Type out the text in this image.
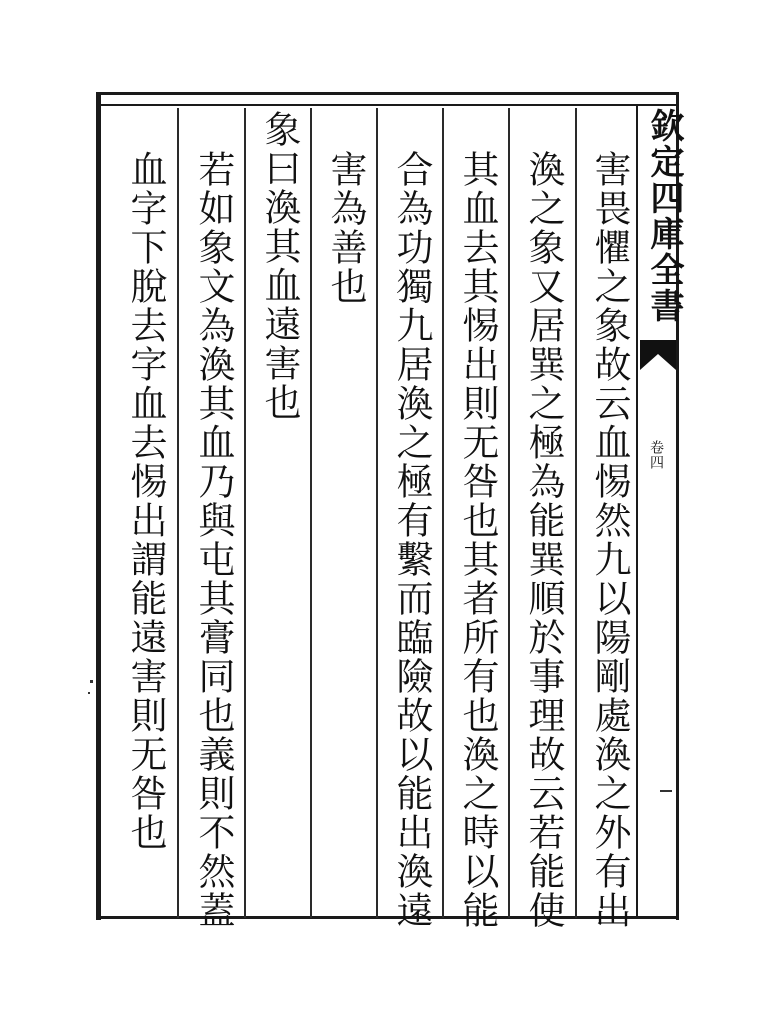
欽定四庫全書
卷四
害畏懼之象故云血惕然九以陽剛處渙之外有出
渙之象又居巽之極為能巽順於事理故云若能使
其血去其惕出則无咎也其者所有也渙之時以能
合為功獨九居渙之極有繫而臨險故以能出渙遠
害為善也
象曰渙其血遠害也
若如象文為渙其血乃與屯其膏同也義則不然蓋
血字下脫去字血去惕出謂能遠害則无咎也
